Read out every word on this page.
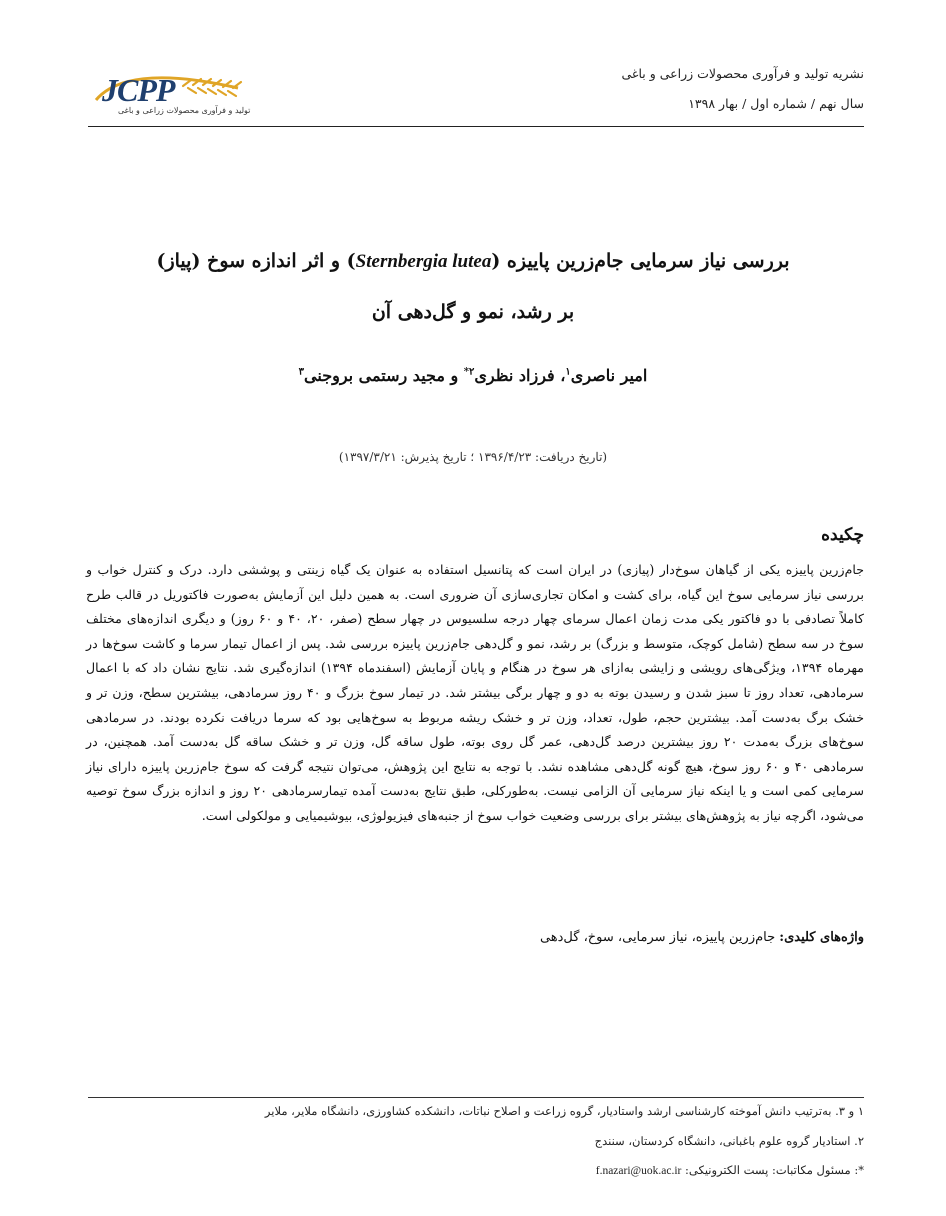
JCPP
تولید و فرآوری محصولات زراعی و باغی
نشریه تولید و فرآوری محصولات زراعی و باغی
سال نهم / شماره اول / بهار ۱۳۹۸
بررسی نیاز سرمایی جام‌زرین پاییزه (Sternbergia lutea) و اثر اندازه سوخ (پیاز)
بر رشد، نمو و گل‌دهی آن
امیر ناصری$^۱$، فرزاد نظری$^{۲*}$ و مجید رستمی بروجنی$^۳$
(تاریخ دریافت: ۱۳۹۶/۴/۲۳ ؛ تاریخ پذیرش: ۱۳۹۷/۳/۲۱)
چکیده

جام‌زرین پاییزه یکی از گیاهان سوخ‌دار (پیازی) در ایران است که پتانسیل استفاده به عنوان یک گیاه زینتی و پوششی دارد. درک و کنترل خواب و بررسی نیاز سرمایی سوخ این گیاه، برای کشت و امکان تجاری‌سازی آن ضروری است. به همین دلیل این آزمایش به‌صورت فاکتوریل در قالب طرح کاملاً تصادفی با دو فاکتور یکی مدت زمان اعمال سرمای چهار درجه سلسیوس در چهار سطح (صفر، ۲۰، ۴۰ و ۶۰ روز) و دیگری اندازه‌های مختلف سوخ در سه سطح (شامل کوچک، متوسط و بزرگ) بر رشد، نمو و گل‌دهی جام‌زرین پاییزه بررسی شد. پس از اعمال تیمار سرما و کاشت سوخ‌ها در مهرماه ۱۳۹۴، ویژگی‌های رویشی و زایشی به‌ازای هر سوخ در هنگام و پایان آزمایش (اسفندماه ۱۳۹۴) اندازه‌گیری شد. نتایج نشان داد که با اعمال سرمادهی، تعداد روز تا سبز شدن و رسیدن بوته به دو و چهار برگی بیشتر شد. در تیمار سوخ بزرگ و ۴۰ روز سرمادهی، بیشترین سطح، وزن تر و خشک برگ به‌دست آمد. بیشترین حجم، طول، تعداد، وزن تر و خشک ریشه مربوط به سوخ‌هایی بود که سرما دریافت نکرده بودند. در سرمادهی سوخ‌های بزرگ به‌مدت ۲۰ روز بیشترین درصد گل‌دهی، عمر گل روی بوته، طول ساقه گل، وزن تر و خشک ساقه گل به‌دست آمد. همچنین، در سرمادهی ۴۰ و ۶۰ روز سوخ، هیچ گونه گل‌دهی مشاهده نشد. با توجه به نتایج این پژوهش، می‌توان نتیجه گرفت که سوخ جام‌زرین پاییزه دارای نیاز سرمایی کمی است و یا اینکه نیاز سرمایی آن الزامی نیست. به‌طورکلی، طبق نتایج به‌دست آمده تیمارسرمادهی ۲۰ روز و اندازه بزرگ سوخ توصیه می‌شود، اگرچه نیاز به پژوهش‌های بیشتر برای بررسی وضعیت خواب سوخ از جنبه‌های فیزیولوژی، بیوشیمیایی و مولکولی است.

واژه‌های کلیدی: جام‌زرین پاییزه، نیاز سرمایی، سوخ، گل‌دهی
۱ و ۳. به‌ترتیب دانش آموخته کارشناسی ارشد واستادیار، گروه زراعت و اصلاح نباتات، دانشکده کشاورزی، دانشگاه ملایر، ملایر
۲. استادیار گروه علوم باغبانی، دانشگاه کردستان، سنندج
*: مسئول مکاتبات: پست الکترونیکی: f.nazari@uok.ac.ir
